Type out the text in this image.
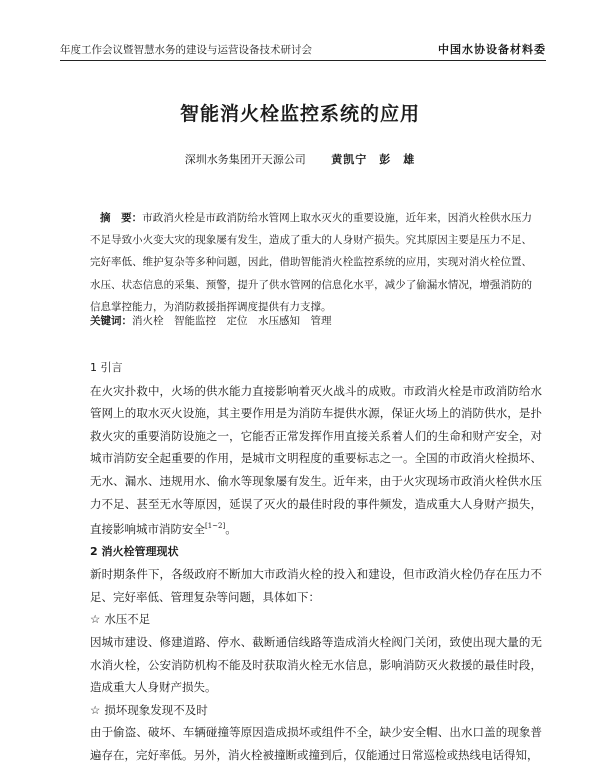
年度工作会议暨智慧水务的建设与运营设备技术研讨会	中国水协设备材料委
智能消火栓监控系统的应用
深圳水务集团开天源公司 黄凯宁　彭　雄
摘　要：市政消火栓是市政消防给水管网上取水灭火的重要设施，近年来，因消火栓供水压力不足导致小火变大灾的现象屡有发生，造成了重大的人身财产损失。究其原因主要是压力不足、完好率低、维护复杂等多种问题，因此，借助智能消火栓监控系统的应用，实现对消火栓位置、水压、状态信息的采集、预警，提升了供水管网的信息化水平，减少了偷漏水情况，增强消防的信息掌控能力，为消防救援指挥调度提供有力支撑。
关键词：消火栓　智能监控　定位　水压感知　管理
1 引言
在火灾扑救中，火场的供水能力直接影响着灭火战斗的成败。市政消火栓是市政消防给水管网上的取水灭火设施，其主要作用是为消防车提供水源，保证火场上的消防供水，是扑救火灾的重要消防设施之一，它能否正常发挥作用直接关系着人们的生命和财产安全，对城市消防安全起重要的作用，是城市文明程度的重要标志之一。全国的市政消火栓损坏、无水、漏水、违规用水、偷水等现象屡有发生。近年来，由于火灾现场市政消火栓供水压力不足、甚至无水等原因，延误了灭火的最佳时段的事件频发，造成重大人身财产损失，直接影响城市消防安全[1~2]。
2 消火栓管理现状
新时期条件下，各级政府不断加大市政消火栓的投入和建设，但市政消火栓仍存在压力不足、完好率低、管理复杂等问题，具体如下：
☆ 水压不足
因城市建设、修建道路、停水、截断通信线路等造成消火栓阀门关闭，致使出现大量的无水消火栓，公安消防机构不能及时获取消火栓无水信息，影响消防灭火救援的最佳时段，造成重大人身财产损失。
☆ 损坏现象发现不及时
由于偷盗、破坏、车辆碰撞等原因造成损坏或组件不全，缺少安全帽、出水口盖的现象普遍存在，完好率低。另外，消火栓被撞断或撞到后，仅能通过日常巡检或热线电话得知，
